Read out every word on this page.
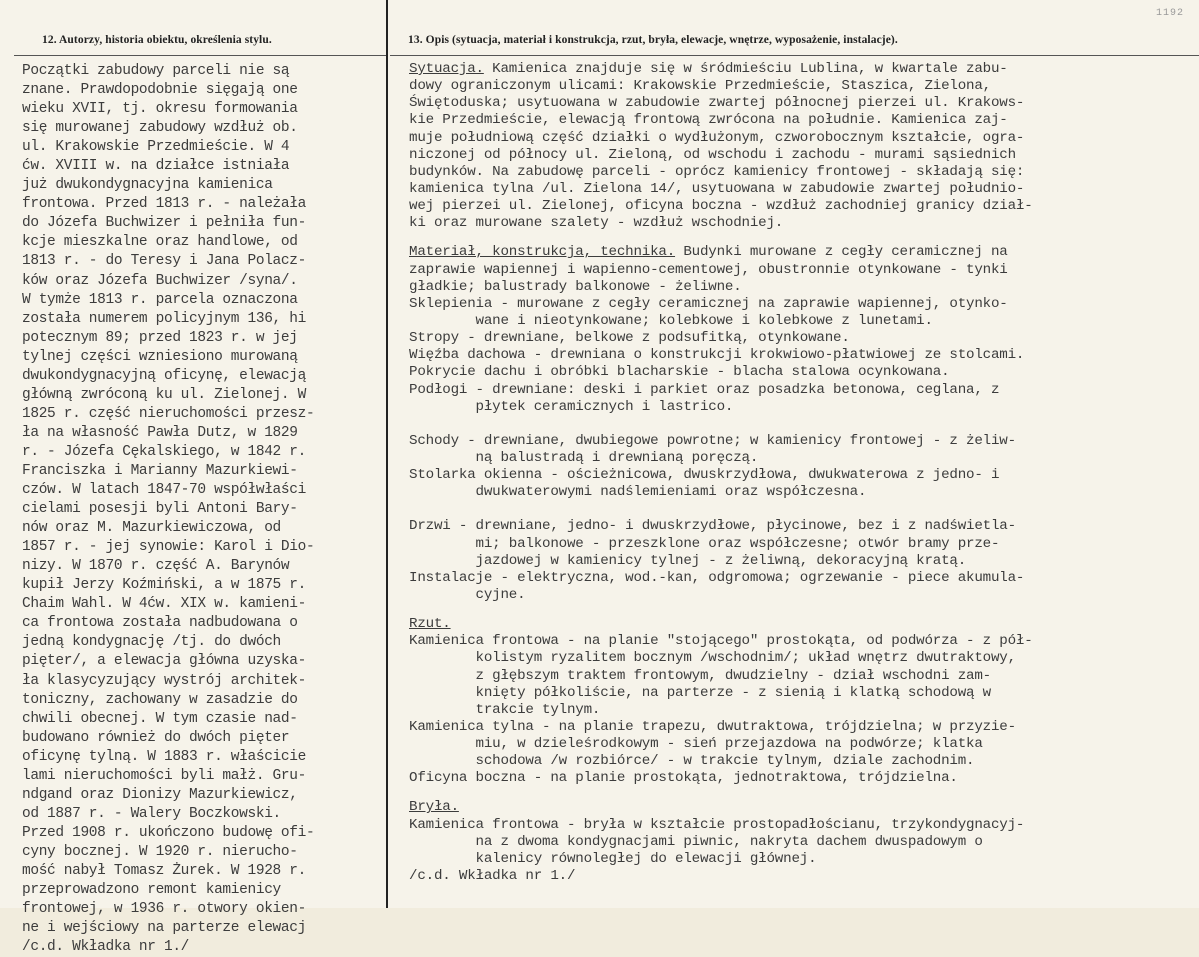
1192
12. Autorzy, historia obiektu, określenia stylu.	13. Opis (sytuacja, materiał i konstrukcja, rzut, bryła, elewacje, wnętrze, wyposażenie, instalacje).
Początki zabudowy parceli nie są
znane. Prawdopodobnie sięgają one
wieku XVII, tj. okresu formowania
się murowanej zabudowy wzdłuż ob.
ul. Krakowskie Przedmieście. W 4
ćw. XVIII w. na działce istniała
już dwukondygnacyjna kamienica
frontowa. Przed 1813 r. - należała
do Józefa Buchwizer i pełniła fun-
kcje mieszkalne oraz handlowe, od
1813 r. - do Teresy i Jana Polacz-
ków oraz Józefa Buchwizer /syna/.
W tymże 1813 r. parcela oznaczona
została numerem policyjnym 136, hi
potecznym 89; przed 1823 r. w jej
tylnej części wzniesiono murowaną
dwukondygnacyjną oficynę, elewacją
główną zwróconą ku ul. Zielonej. W
1825 r. część nieruchomości przesz-
ła na własność Pawła Dutz, w 1829
r. - Józefa Cękalskiego, w 1842 r.
Franciszka i Marianny Mazurkiewi-
czów. W latach 1847-70 współwłaści
cielami posesji byli Antoni Bary-
nów oraz M. Mazurkiewiczowa, od
1857 r. - jej synowie: Karol i Dio-
nizy. W 1870 r. część A. Barynów
kupił Jerzy Koźmiński, a w 1875 r.
Chaim Wahl. W 4ćw. XIX w. kamieni-
ca frontowa została nadbudowana o
jedną kondygnację /tj. do dwóch
pięter/, a elewacja główna uzyska-
ła klasycyzujący wystrój architek-
toniczny, zachowany w zasadzie do
chwili obecnej. W tym czasie nad-
budowano również do dwóch pięter
oficynę tylną. W 1883 r. właścicie
lami nieruchomości byli małż. Gru-
ndgand oraz Dionizy Mazurkiewicz,
od 1887 r. - Walery Boczkowski.
Przed 1908 r. ukończono budowę ofi-
cyny bocznej. W 1920 r. nierucho-
mość nabył Tomasz Żurek. W 1928 r.
przeprowadzono remont kamienicy
frontowej, w 1936 r. otwory okien-
ne i wejściowy na parterze elewacj
/c.d. Wkładka nr 1./
Sytuacja. Kamienica znajduje się w śródmieściu Lublina, w kwartale zabu-
dowy ograniczonym ulicami: Krakowskie Przedmieście, Staszica, Zielona,
Świętoduska; usytuowana w zabudowie zwartej północnej pierzei ul. Krakows-
kie Przedmieście, elewacją frontową zwrócona na południe. Kamienica zaj-
muje południową część działki o wydłużonym, czworobocznym kształcie, ogra-
niczonej od północy ul. Zieloną, od wschodu i zachodu - murami sąsiednich
budynków. Na zabudowę parceli - oprócz kamienicy frontowej - składają się:
kamienica tylna /ul. Zielona 14/, usytuowana w zabudowie zwartej południo-
wej pierzei ul. Zielonej, oficyna boczna - wzdłuż zachodniej granicy dział-
ki oraz murowane szalety - wzdłuż wschodniej.
Materiał, konstrukcja, technika. Budynki murowane z cegły ceramicznej na
zaprawie wapiennej i wapienno-cementowej, obustronnie otynkowane - tynki
gładkie; balustrady balkonowe - żeliwne.
Sklepienia - murowane z cegły ceramicznej na zaprawie wapiennej, otynko-
wane i nieotynkowane; kolebkowe i kolebkowe z lunetami.
Stropy - drewniane, belkowe z podsufitką, otynkowane.
Więźba dachowa - drewniana o konstrukcji krokwiowo-płatwiowej ze stolcami.
Pokrycie dachu i obróbki blacharskie - blacha stalowa ocynkowana.
Podłogi - drewniane: deski i parkiet oraz posadzka betonowa, ceglana, z
płytek ceramicznych i lastrico.
Schody - drewniane, dwubiegowe powrotne; w kamienicy frontowej - z żeliw-
ną balustradą i drewnianą poręczą.
Stolarka okienna - ościeżnicowa, dwuskrzydłowa, dwukwaterowa z jedno- i
dwukwaterowymi nadślemieniami oraz współczesna.
Drzwi - drewniane, jedno- i dwuskrzydłowe, płycinowe, bez i z nadświetla-
mi; balkonowe - przeszklone oraz współczesne; otwór bramy prze-
jazdowej w kamienicy tylnej - z żeliwną, dekoracyjną kratą.
Instalacje - elektryczna, wod.-kan, odgromowa; ogrzewanie - piece akumula-
cyjne.
Rzut.
Kamienica frontowa - na planie "stojącego" prostokąta, od podwórza - z pół-
kolistym ryzalitem bocznym /wschodnim/; układ wnętrz dwutraktowy,
z głębszym traktem frontowym, dwudzielny - dział wschodni zam-
knięty półkoliście, na parterze - z sienią i klatką schodową w
trakcie tylnym.
Kamienica tylna - na planie trapezu, dwutraktowa, trójdzielna; w przyzie-
miu, w dzieleśrodkowym - sień przejazdowa na podwórze; klatka
schodowa /w rozbiórce/ - w trakcie tylnym, dziale zachodnim.
Oficyna boczna - na planie prostokąta, jednotraktowa, trójdzielna.
Bryła.
Kamienica frontowa - bryła w kształcie prostopadłościanu, trzykondygnacyj-
na z dwoma kondygnacjami piwnic, nakryta dachem dwuspadowym o
kalenicy równoległej do elewacji głównej.
/c.d. Wkładka nr 1./
